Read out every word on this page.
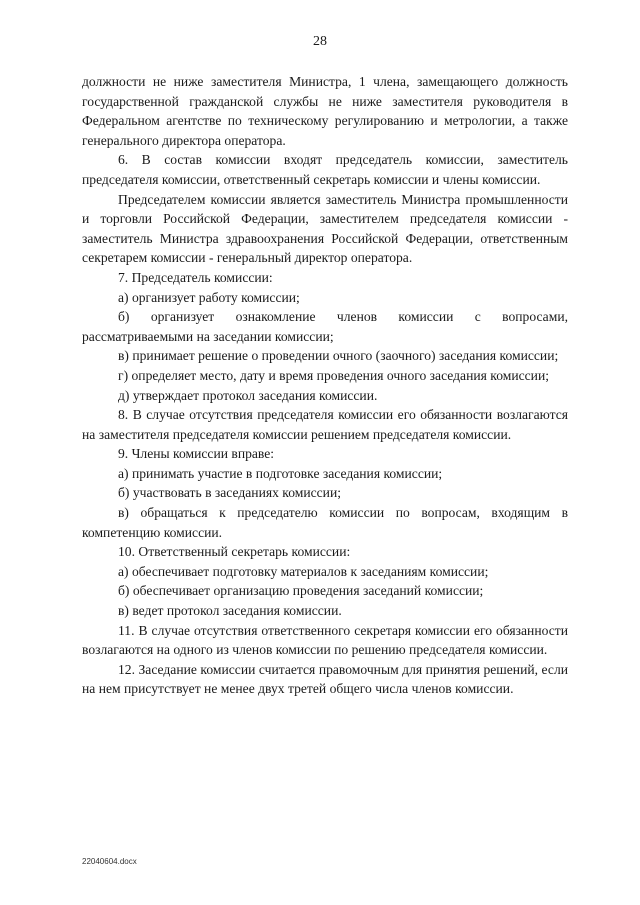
28

должности не ниже заместителя Министра, 1 члена, замещающего должность государственной гражданской службы не ниже заместителя руководителя в Федеральном агентстве по техническому регулированию и метрологии, а также генерального директора оператора.

6. В состав комиссии входят председатель комиссии, заместитель председателя комиссии, ответственный секретарь комиссии и члены комиссии.

Председателем комиссии является заместитель Министра промышленности и торговли Российской Федерации, заместителем председателя комиссии - заместитель Министра здравоохранения Российской Федерации, ответственным секретарем комиссии - генеральный директор оператора.

7. Председатель комиссии:

а) организует работу комиссии;

б) организует ознакомление членов комиссии с вопросами, рассматриваемыми на заседании комиссии;

в) принимает решение о проведении очного (заочного) заседания комиссии;

г) определяет место, дату и время проведения очного заседания комиссии;

д) утверждает протокол заседания комиссии.

8. В случае отсутствия председателя комиссии его обязанности возлагаются на заместителя председателя комиссии решением председателя комиссии.

9. Члены комиссии вправе:

а) принимать участие в подготовке заседания комиссии;

б) участвовать в заседаниях комиссии;

в) обращаться к председателю комиссии по вопросам, входящим в компетенцию комиссии.

10. Ответственный секретарь комиссии:

а) обеспечивает подготовку материалов к заседаниям комиссии;

б) обеспечивает организацию проведения заседаний комиссии;

в) ведет протокол заседания комиссии.

11. В случае отсутствия ответственного секретаря комиссии его обязанности возлагаются на одного из членов комиссии по решению председателя комиссии.

12. Заседание комиссии считается правомочным для принятия решений, если на нем присутствует не менее двух третей общего числа членов комиссии.

22040604.docx
